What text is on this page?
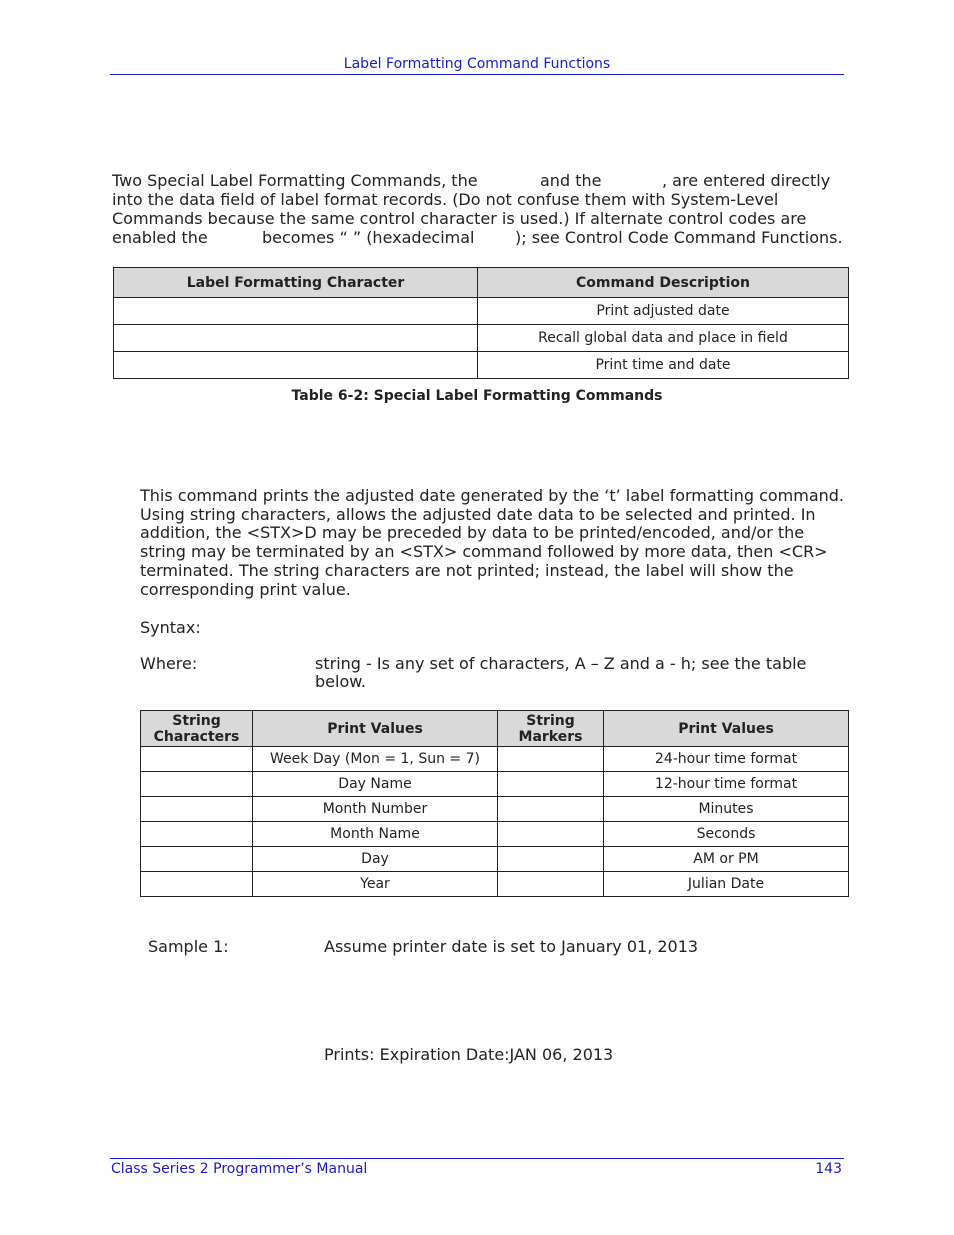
Label Formatting Command Functions
Two Special Label Formatting Commands, the	and the	, are entered directly
into the data field of label format records. (Do not confuse them with System-Level
Commands because the same control character is used.) If alternate control codes are
enabled the	becomes “ ” (hexadecimal	); see Control Code Command Functions.
Label Formatting Character	Command Description
	Print adjusted date
	Recall global data and place in field
	Print time and date
Table 6-2: Special Label Formatting Commands
This command prints the adjusted date generated by the ‘t’ label formatting command.
Using string characters, allows the adjusted date data to be selected and printed. In
addition, the <STX>D may be preceded by data to be printed/encoded, and/or the
string may be terminated by an <STX> command followed by more data, then <CR>
terminated. The string characters are not printed; instead, the label will show the
corresponding print value.
Syntax:
Where:	string - Is any set of characters, A – Z and a - h; see the table
below.
String
Characters	Print Values	String
Markers	Print Values
	Week Day (Mon = 1, Sun = 7)		24-hour time format
	Day Name		12-hour time format
	Month Number		Minutes
	Month Name		Seconds
	Day		AM or PM
	Year		Julian Date
Sample 1:	Assume printer date is set to January 01, 2013
Prints: Expiration Date:JAN 06, 2013
Class Series 2 Programmer’s Manual	143
